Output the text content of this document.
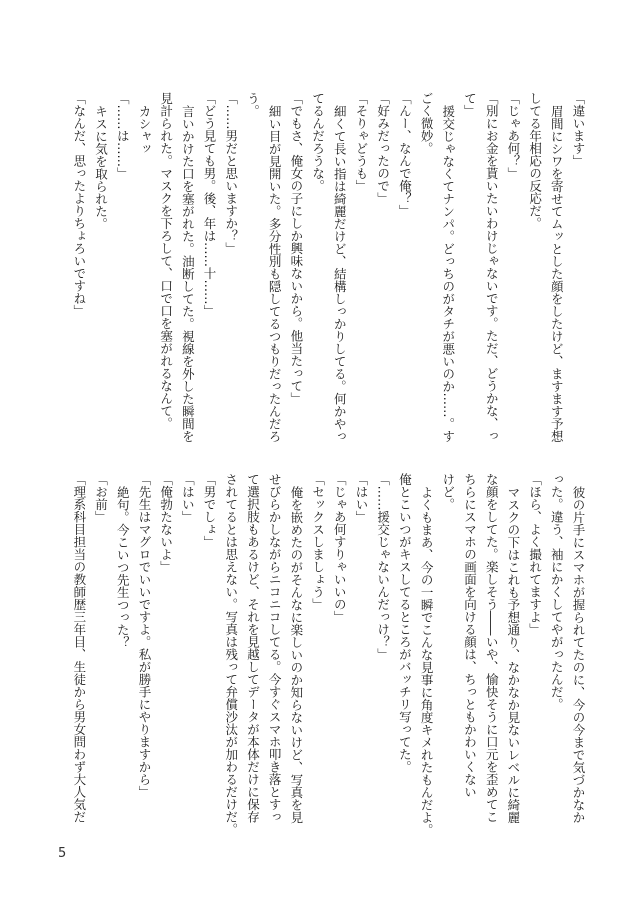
「違います」
眉間にシワを寄せてムッとした顔をしたけど、ますます予想
してる年相応の反応だ。
「じゃあ何？」
「別にお金を貰いたいわけじゃないです。ただ、どうかな、っ
て」
援交じゃなくてナンパ。どっちのがタチが悪いのか……。す
ごく微妙。
「んー、なんで俺？」
「好みだったので」
「そりゃどうも」
細くて長い指は綺麗だけど、結構しっかりしてる。何かやっ
てるんだろうな。
「でもさ、俺女の子にしか興味ないから。他当たって」
細い目が見開いた。多分性別も隠してるつもりだったんだろ
う。
「……男だと思いますか？」
「どう見ても男。後、年は……十……」
言いかけた口を塞がれた。油断してた。視線を外した瞬間を
見計られた。マスクを下ろして、口で口を塞がれるなんて。
カシャッ
「……は……」
キスに気を取られた。
「なんだ、思ったよりちょろいですね」
彼の片手にスマホが握られてたのに、今の今まで気づかなか
った。違う、袖にかくしてやがったんだ。
「ほら、よく撮れてますよ」
マスクの下はこれも予想通り、なかなか見ないレベルに綺麗
な顔をしてた。楽しそう――いや、愉快そうに口元を歪めてこ
ちらにスマホの画面を向ける顔は、ちっともかわいくない
けど。
よくもまあ、今の一瞬でこんな見事に角度キメれたもんだよ。
俺とこいつがキスしてるところがバッチリ写ってた。
「……援交じゃないんだっけ？」
「はい」
「じゃあ何すりゃいいの」
「セックスしましょう」
俺を嵌めたのがそんなに楽しいのか知らないけど、写真を見
せびらかしながらニコニコしてる。今すぐスマホ叩き落とすっ
て選択肢もあるけど、それを見越してデータが本体だけに保存
されてるとは思えない。写真は残って弁償沙汰が加わるだけだ。
「男でしょ」
「はい」
「俺勃たないよ」
「先生はマグロでいいですよ。私が勝手にやりますから」
絶句。今こいつ先生つった？
「お前」
「理系科目担当の教師歴三年目、生徒から男女問わず大人気だ
5
